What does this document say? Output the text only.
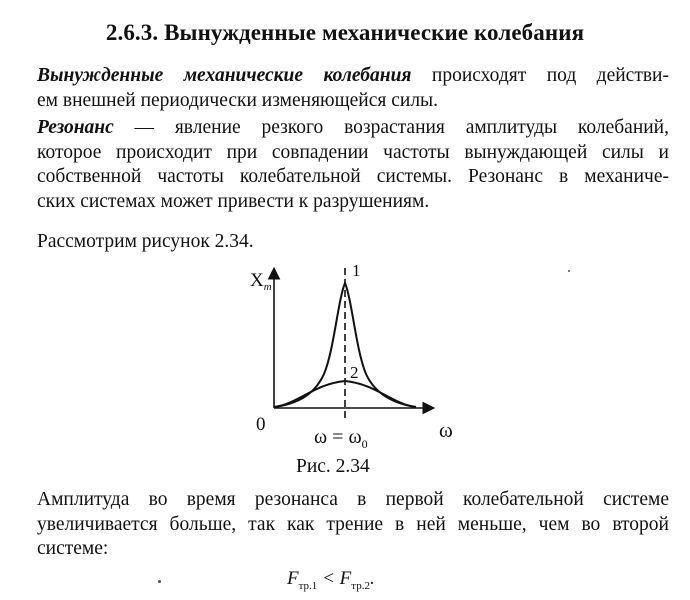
2.6.3. Вынужденные механические колебания
Вынужденные механические колебания происходят под действи-
ем внешней периодически изменяющейся силы.
Резонанс — явление резкого возрастания амплитуды колебаний,
которое происходит при совпадении частоты вынуждающей силы и
собственной частоты колебательной системы. Резонанс в механиче-
ских системах может привести к разрушениям.
Рассмотрим рисунок 2.34.
$X_m$
0	ω
$\omega = \omega_0$
1
2
Рис. 2.34
Амплитуда во время резонанса в первой колебательной системе
увеличивается больше, так как трение в ней меньше, чем во второй
системе:
$F_{тр.1} < F_{тр.2}$.
